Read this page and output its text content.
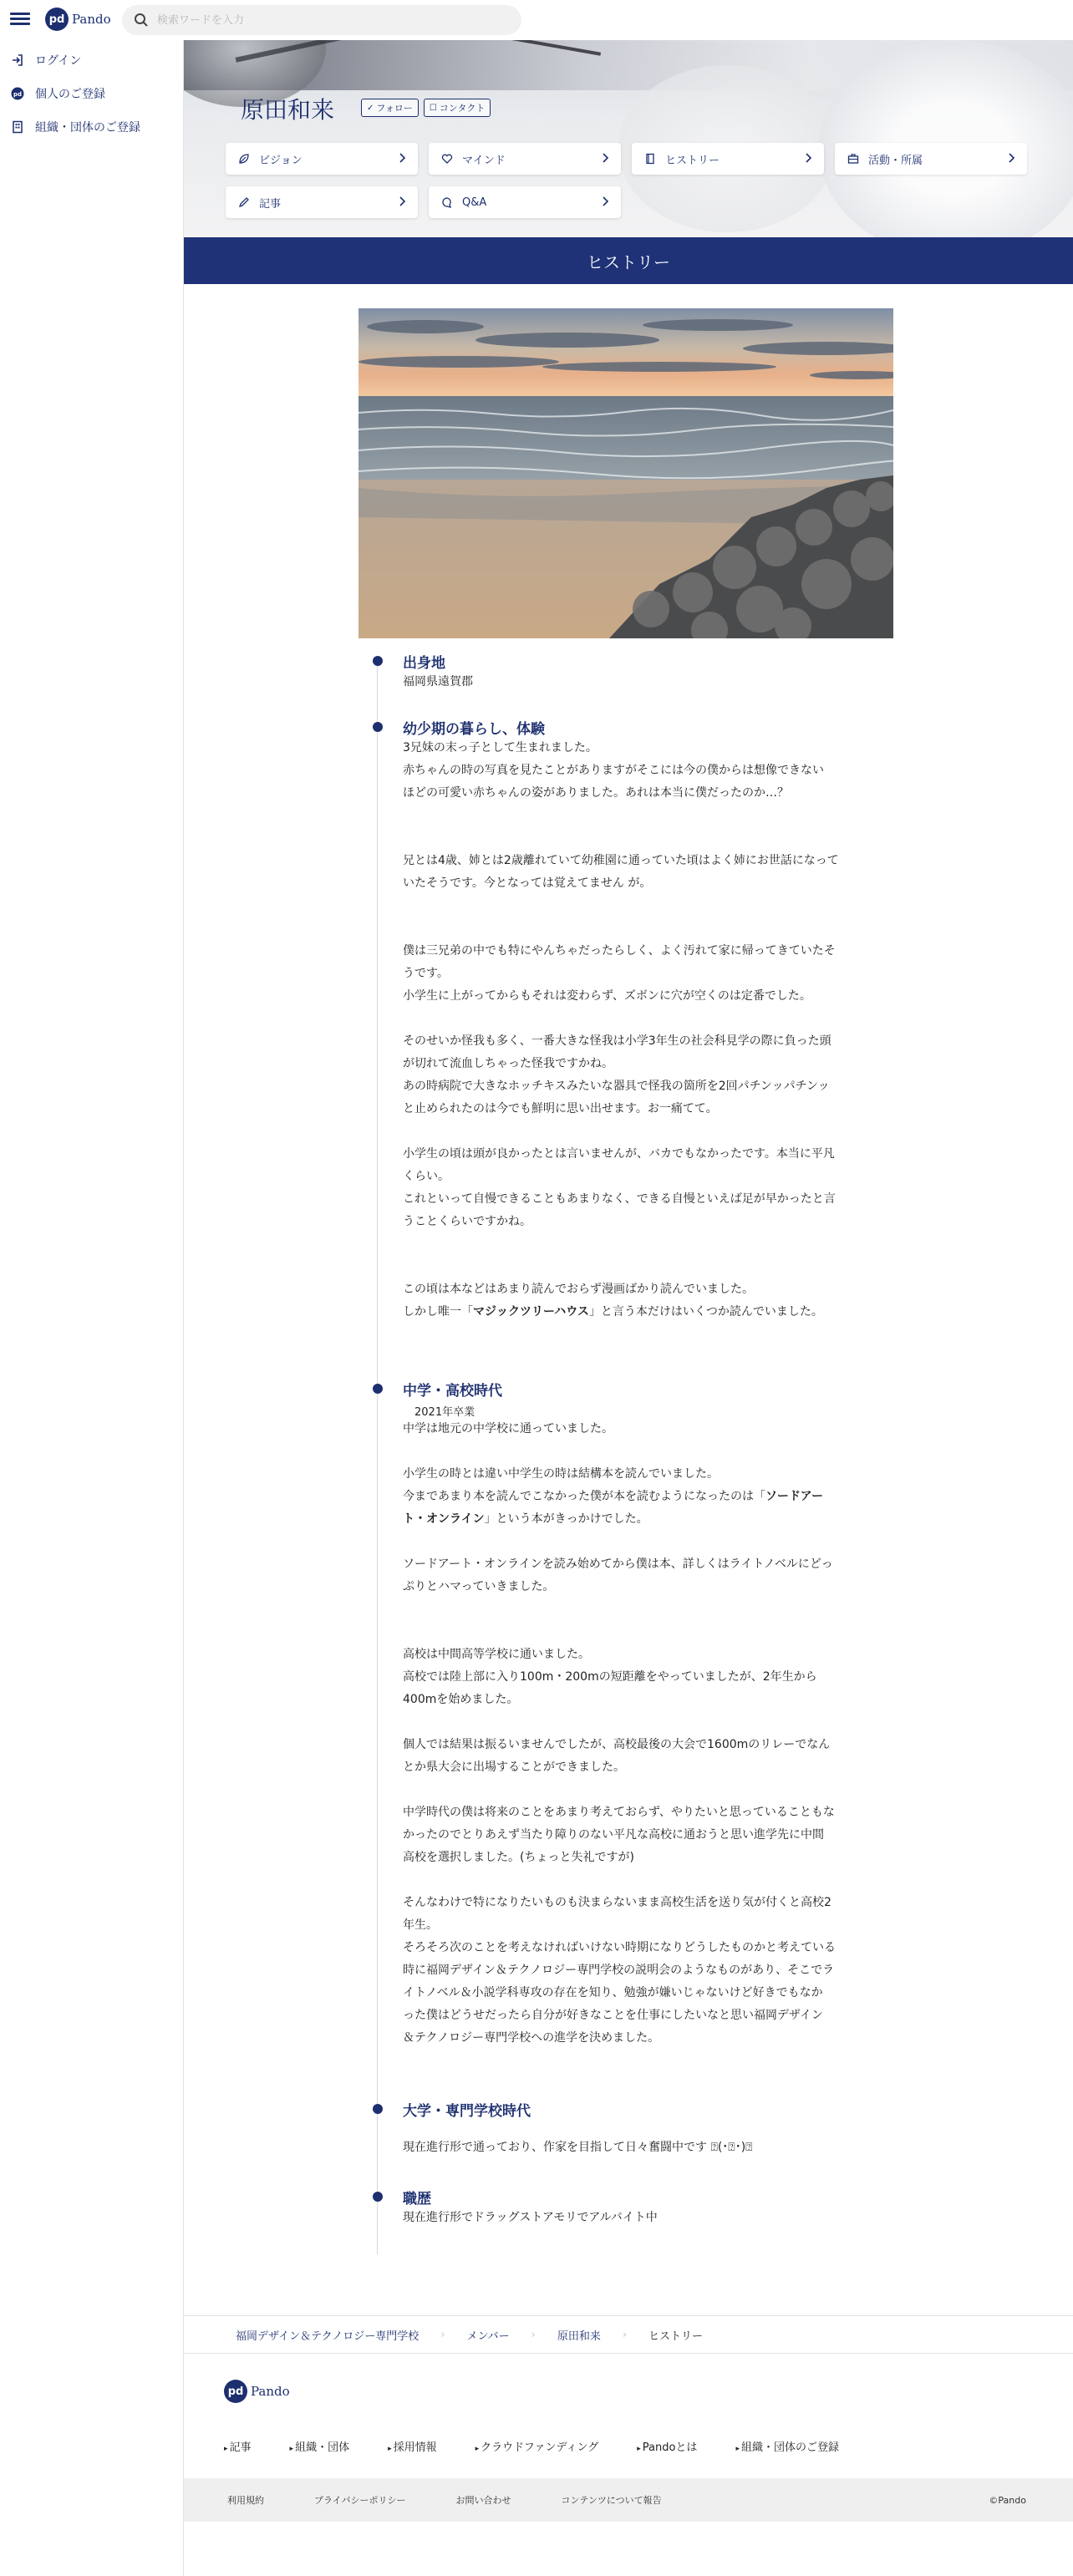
pd Pando
検索ワードを入力
ログイン
pd 個人のご登録
組織・団体のご登録
原田和来	✓ フォロー ☐ コンタクト
ビジョン	マインド	ヒストリー	活動・所属
記事	Q&A
ヒストリー
出身地
福岡県遠賀郡
幼少期の暮らし、体験
3兄妹の末っ子として生まれました。
赤ちゃんの時の写真を見たことがありますがそこには今の僕からは想像できない
ほどの可愛い赤ちゃんの姿がありました。あれは本当に僕だったのか…？
兄とは4歳、姉とは2歳離れていて幼稚園に通っていた頃はよく姉にお世話になって
いたそうです。今となっては覚えてません が。
僕は三兄弟の中でも特にやんちゃだったらしく、よく汚れて家に帰ってきていたそ
うです。
小学生に上がってからもそれは変わらず、ズボンに穴が空くのは定番でした。
そのせいか怪我も多く、一番大きな怪我は小学3年生の社会科見学の際に負った頭
が切れて流血しちゃった怪我ですかね。
あの時病院で大きなホッチキスみたいな器具で怪我の箇所を2回パチンッパチンッ
と止められたのは今でも鮮明に思い出せます。お一痛てて。
小学生の頃は頭が良かったとは言いませんが、バカでもなかったです。本当に平凡
くらい。
これといって自慢できることもあまりなく、できる自慢といえば足が早かったと言
うことくらいですかね。
この頃は本などはあまり読んでおらず漫画ばかり読んでいました。
しかし唯一「マジックツリーハウス」と言う本だけはいくつか読んでいました。
中学・高校時代
2021年卒業
中学は地元の中学校に通っていました。
小学生の時とは違い中学生の時は結構本を読んでいました。
今まであまり本を読んでこなかった僕が本を読むようになったのは「ソードアー
ト・オンライン」という本がきっかけでした。
ソードアート・オンラインを読み始めてから僕は本、詳しくはライトノベルにどっ
ぷりとハマっていきました。
高校は中間高等学校に通いました。
高校では陸上部に入り100m・200mの短距離をやっていましたが、2年生から
400mを始めました。
個人では結果は振るいませんでしたが、高校最後の大会で1600mのリレーでなん
とか県大会に出場することができました。
中学時代の僕は将来のことをあまり考えておらず、やりたいと思っていることもな
かったのでとりあえず当たり障りのない平凡な高校に通おうと思い進学先に中間
高校を選択しました。(ちょっと失礼ですが)
そんなわけで特になりたいものも決まらないまま高校生活を送り気が付くと高校2
年生。
そろそろ次のことを考えなければいけない時期になりどうしたものかと考えている
時に福岡デザイン＆テクノロジー専門学校の説明会のようなものがあり、そこでラ
イトノベル＆小説学科専攻の存在を知り、勉強が嫌いじゃないけど好きでもなか
った僕はどうせだったら自分が好きなことを仕事にしたいなと思い福岡デザイン
＆テクノロジー専門学校への進学を決めました。
大学・専門学校時代
現在進行形で通っており、作家を目指して日々奮闘中です ⍰(･⍰･)⍰
職歴
現在進行形でドラッグストアモリでアルバイト中
福岡デザイン＆テクノロジー専門学校 › メンバー › 原田和来 › ヒストリー
pd Pando
▸ 記事	▸ 組織・団体	▸ 採用情報	▸ クラウドファンディング	▸ Pandoとは	▸ 組織・団体のご登録
利用規約	プライバシーポリシー	お問い合わせ	コンテンツについて報告	©Pando
